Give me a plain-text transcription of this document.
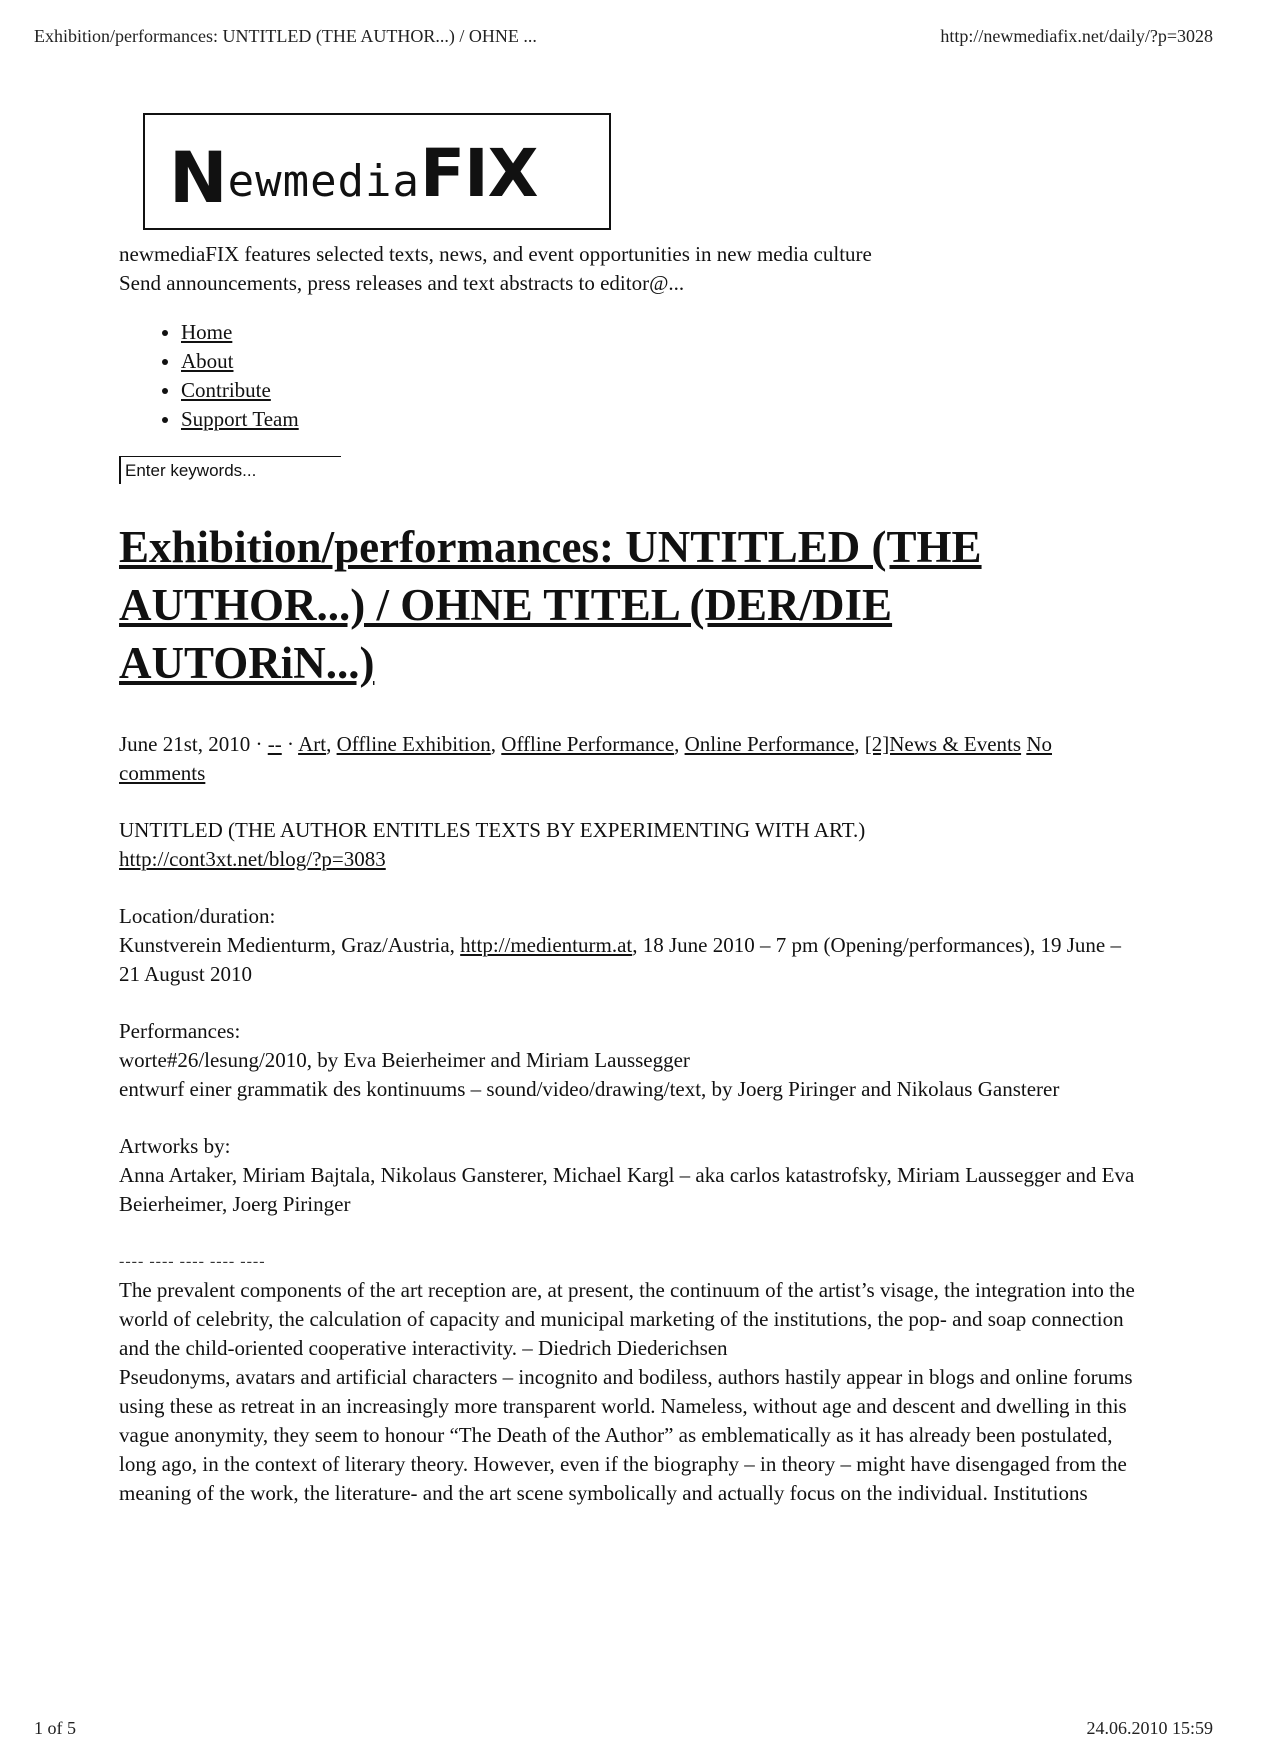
Exhibition/performances: UNTITLED (THE AUTHOR...) / OHNE ...	http://newmediafix.net/daily/?p=3028
NewmediaFIX

newmediaFIX features selected texts, news, and event opportunities in new media culture

Send announcements, press releases and text abstracts to editor@...

• Home
• About
• Contribute
• Support Team
Enter keywords...
Exhibition/performances: UNTITLED (THE AUTHOR...) / OHNE TITEL (DER/DIE AUTORiN...)
June 21st, 2010 · -- · Art, Offline Exhibition, Offline Performance, Online Performance, [2]News & Events No comments

UNTITLED (THE AUTHOR ENTITLES TEXTS BY EXPERIMENTING WITH ART.)

http://cont3xt.net/blog/?p=3083

Location/duration:

Kunstverein Medienturm, Graz/Austria, http://medienturm.at, 18 June 2010 – 7 pm (Opening/performances), 19 June – 21 August 2010

Performances:

worte#26/lesung/2010, by Eva Beierheimer and Miriam Laussegger

entwurf einer grammatik des kontinuums – sound/video/drawing/text, by Joerg Piringer and Nikolaus Gansterer

Artworks by:

Anna Artaker, Miriam Bajtala, Nikolaus Gansterer, Michael Kargl – aka carlos katastrofsky, Miriam Laussegger and Eva Beierheimer, Joerg Piringer

---- ---- ---- ---- ----

The prevalent components of the art reception are, at present, the continuum of the artist’s visage, the integration into the world of celebrity, the calculation of capacity and municipal marketing of the institutions, the pop- and soap connection and the child-oriented cooperative interactivity. – Diedrich Diederichsen

Pseudonyms, avatars and artificial characters – incognito and bodiless, authors hastily appear in blogs and online forums using these as retreat in an increasingly more transparent world. Nameless, without age and descent and dwelling in this vague anonymity, they seem to honour “The Death of the Author” as emblematically as it has already been postulated, long ago, in the context of literary theory. However, even if the biography – in theory – might have disengaged from the meaning of the work, the literature- and the art scene symbolically and actually focus on the individual. Institutions

1 of 5	24.06.2010 15:59
